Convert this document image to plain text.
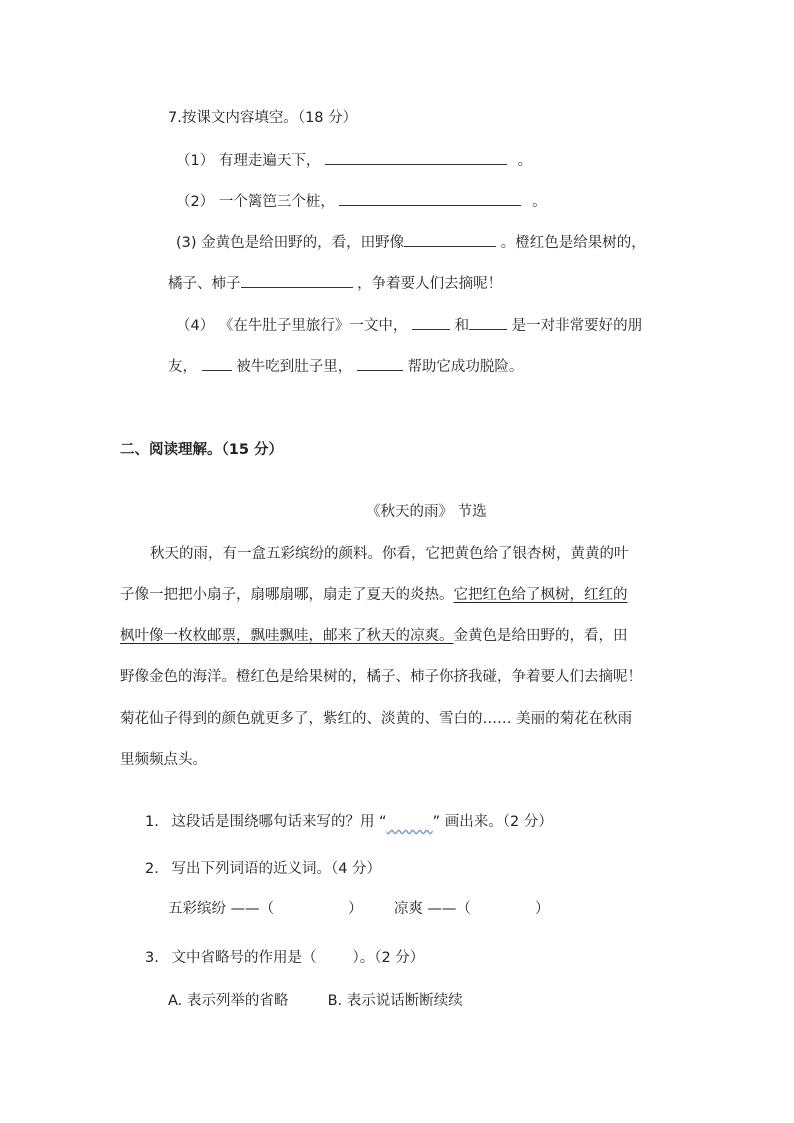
7.按课文内容填空。（18 分）
（1） 有理走遍天下，	。
（2） 一个篱笆三个桩，	。
(3) 金黄色是给田野的，看，田野像	。橙红色是给果树的，
橘子、柿子	，争着要人们去摘呢！
（4） 《在牛肚子里旅行》一文中，	和	是一对非常要好的朋
友，	被牛吃到肚子里，	帮助它成功脱险。
二、阅读理解。（15 分）
《秋天的雨》 节选
秋天的雨，有一盒五彩缤纷的颜料。你看，它把黄色给了银杏树，黄黄的叶
子像一把把小扇子，扇哪扇哪，扇走了夏天的炎热。它把红色给了枫树，红红的
枫叶像一枚枚邮票，飘哇飘哇，邮来了秋天的凉爽。金黄色是给田野的，看，田
野像金色的海洋。橙红色是给果树的，橘子、柿子你挤我碰，争着要人们去摘呢！
菊花仙子得到的颜色就更多了，紫红的、淡黄的、雪白的…… 美丽的菊花在秋雨
里频频点头。
1. 这段话是围绕哪句话来写的？用 “	” 画出来。（2 分）
2. 写出下列词语的近义词。（4 分）
五彩缤纷 ——（	） 凉爽 ——（	）
3. 文中省略号的作用是（ ）。（2 分）
A. 表示列举的省略	B. 表示说话断断续续
